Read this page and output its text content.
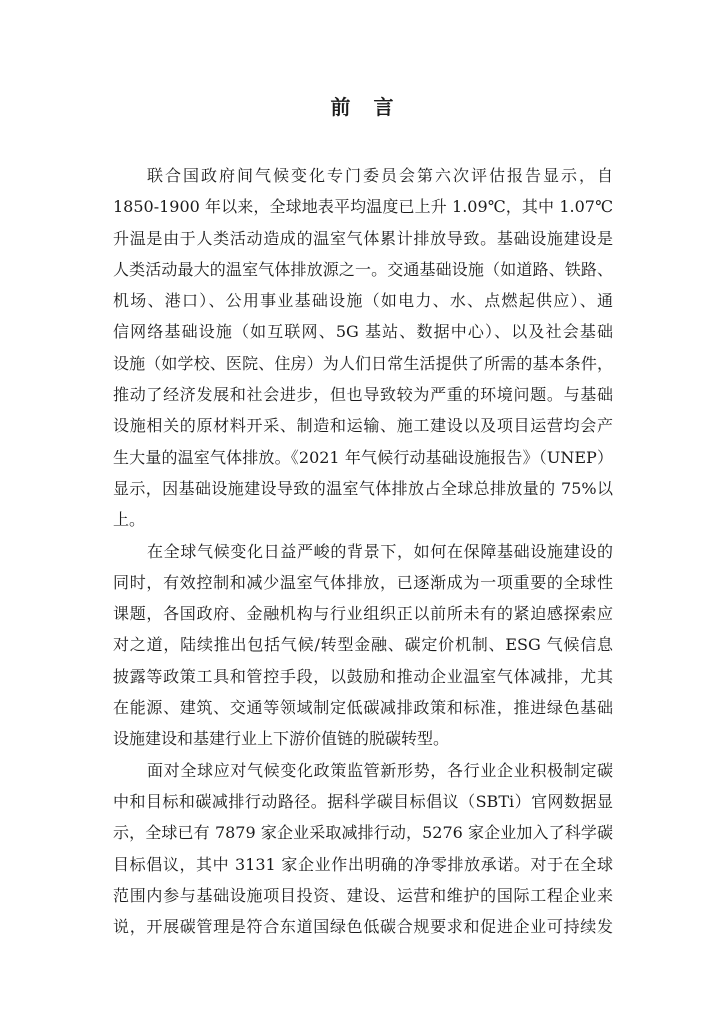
前 言
联合国政府间气候变化专门委员会第六次评估报告显示，自
1850-1900 年以来，全球地表平均温度已上升 1.09℃，其中 1.07℃
升温是由于人类活动造成的温室气体累计排放导致。基础设施建设是
人类活动最大的温室气体排放源之一。交通基础设施（如道路、铁路、
机场、港口）、公用事业基础设施（如电力、水、点燃起供应）、通
信网络基础设施（如互联网、5G 基站、数据中心）、以及社会基础
设施（如学校、医院、住房）为人们日常生活提供了所需的基本条件，
推动了经济发展和社会进步，但也导致较为严重的环境问题。与基础
设施相关的原材料开采、制造和运输、施工建设以及项目运营均会产
生大量的温室气体排放。《2021 年气候行动基础设施报告》（UNEP）
显示，因基础设施建设导致的温室气体排放占全球总排放量的 75%以
上。
在全球气候变化日益严峻的背景下，如何在保障基础设施建设的
同时，有效控制和减少温室气体排放，已逐渐成为一项重要的全球性
课题，各国政府、金融机构与行业组织正以前所未有的紧迫感探索应
对之道，陆续推出包括气候/转型金融、碳定价机制、ESG 气候信息
披露等政策工具和管控手段，以鼓励和推动企业温室气体减排，尤其
在能源、建筑、交通等领域制定低碳减排政策和标准，推进绿色基础
设施建设和基建行业上下游价值链的脱碳转型。
面对全球应对气候变化政策监管新形势，各行业企业积极制定碳
中和目标和碳减排行动路径。据科学碳目标倡议（SBTi）官网数据显
示，全球已有 7879 家企业采取减排行动，5276 家企业加入了科学碳
目标倡议，其中 3131 家企业作出明确的净零排放承诺。对于在全球
范围内参与基础设施项目投资、建设、运营和维护的国际工程企业来
说，开展碳管理是符合东道国绿色低碳合规要求和促进企业可持续发
